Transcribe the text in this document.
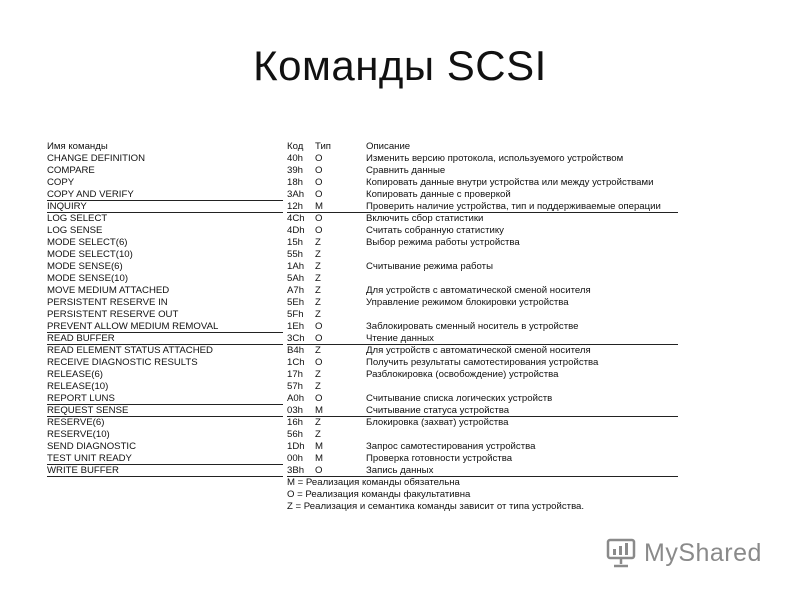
Команды SCSI
Имя команды	Код Тип	Описание
CHANGE DEFINITION	40h O	Изменить версию протокола, используемого устройством
COMPARE	39h O	Сравнить данные
COPY	18h O	Копировать данные внутри устройства или между устройствами
COPY AND VERIFY	3Ah O	Копировать данные с проверкой
INQUIRY	12h M	Проверить наличие устройства, тип и поддерживаемые операции
LOG SELECT	4Ch O	Включить сбор статистики
LOG SENSE	4Dh O	Считать собранную статистику
MODE SELECT(6)	15h Z	Выбор режима работы устройства
MODE SELECT(10)	55h Z
MODE SENSE(6)	1Ah Z	Считывание режима работы
MODE SENSE(10)	5Ah Z
MOVE MEDIUM ATTACHED	A7h Z	Для устройств с автоматической сменой носителя
PERSISTENT RESERVE IN	5Eh Z	Управление режимом блокировки устройства
PERSISTENT RESERVE OUT	5Fh Z
PREVENT ALLOW MEDIUM REMOVAL	1Eh O	Заблокировать сменный носитель в устройстве
READ BUFFER	3Ch O	Чтение данных
READ ELEMENT STATUS ATTACHED	B4h Z	Для устройств с автоматической сменой носителя
RECEIVE DIAGNOSTIC RESULTS	1Ch O	Получить результаты самотестирования устройства
RELEASE(6)	17h Z	Разблокировка (освобождение) устройства
RELEASE(10)	57h Z
REPORT LUNS	A0h O	Считывание списка логических устройств
REQUEST SENSE	03h M	Считывание статуса устройства
RESERVE(6)	16h Z	Блокировка (захват) устройства
RESERVE(10)	56h Z
SEND DIAGNOSTIC	1Dh M	Запрос самотестирования устройства
TEST UNIT READY	00h M	Проверка готовности устройства
WRITE BUFFER	3Bh O	Запись данных
M = Реализация команды обязательна
O = Реализация команды факультативна
Z = Реализация и семантика команды зависит от типа устройства.
MyShared
